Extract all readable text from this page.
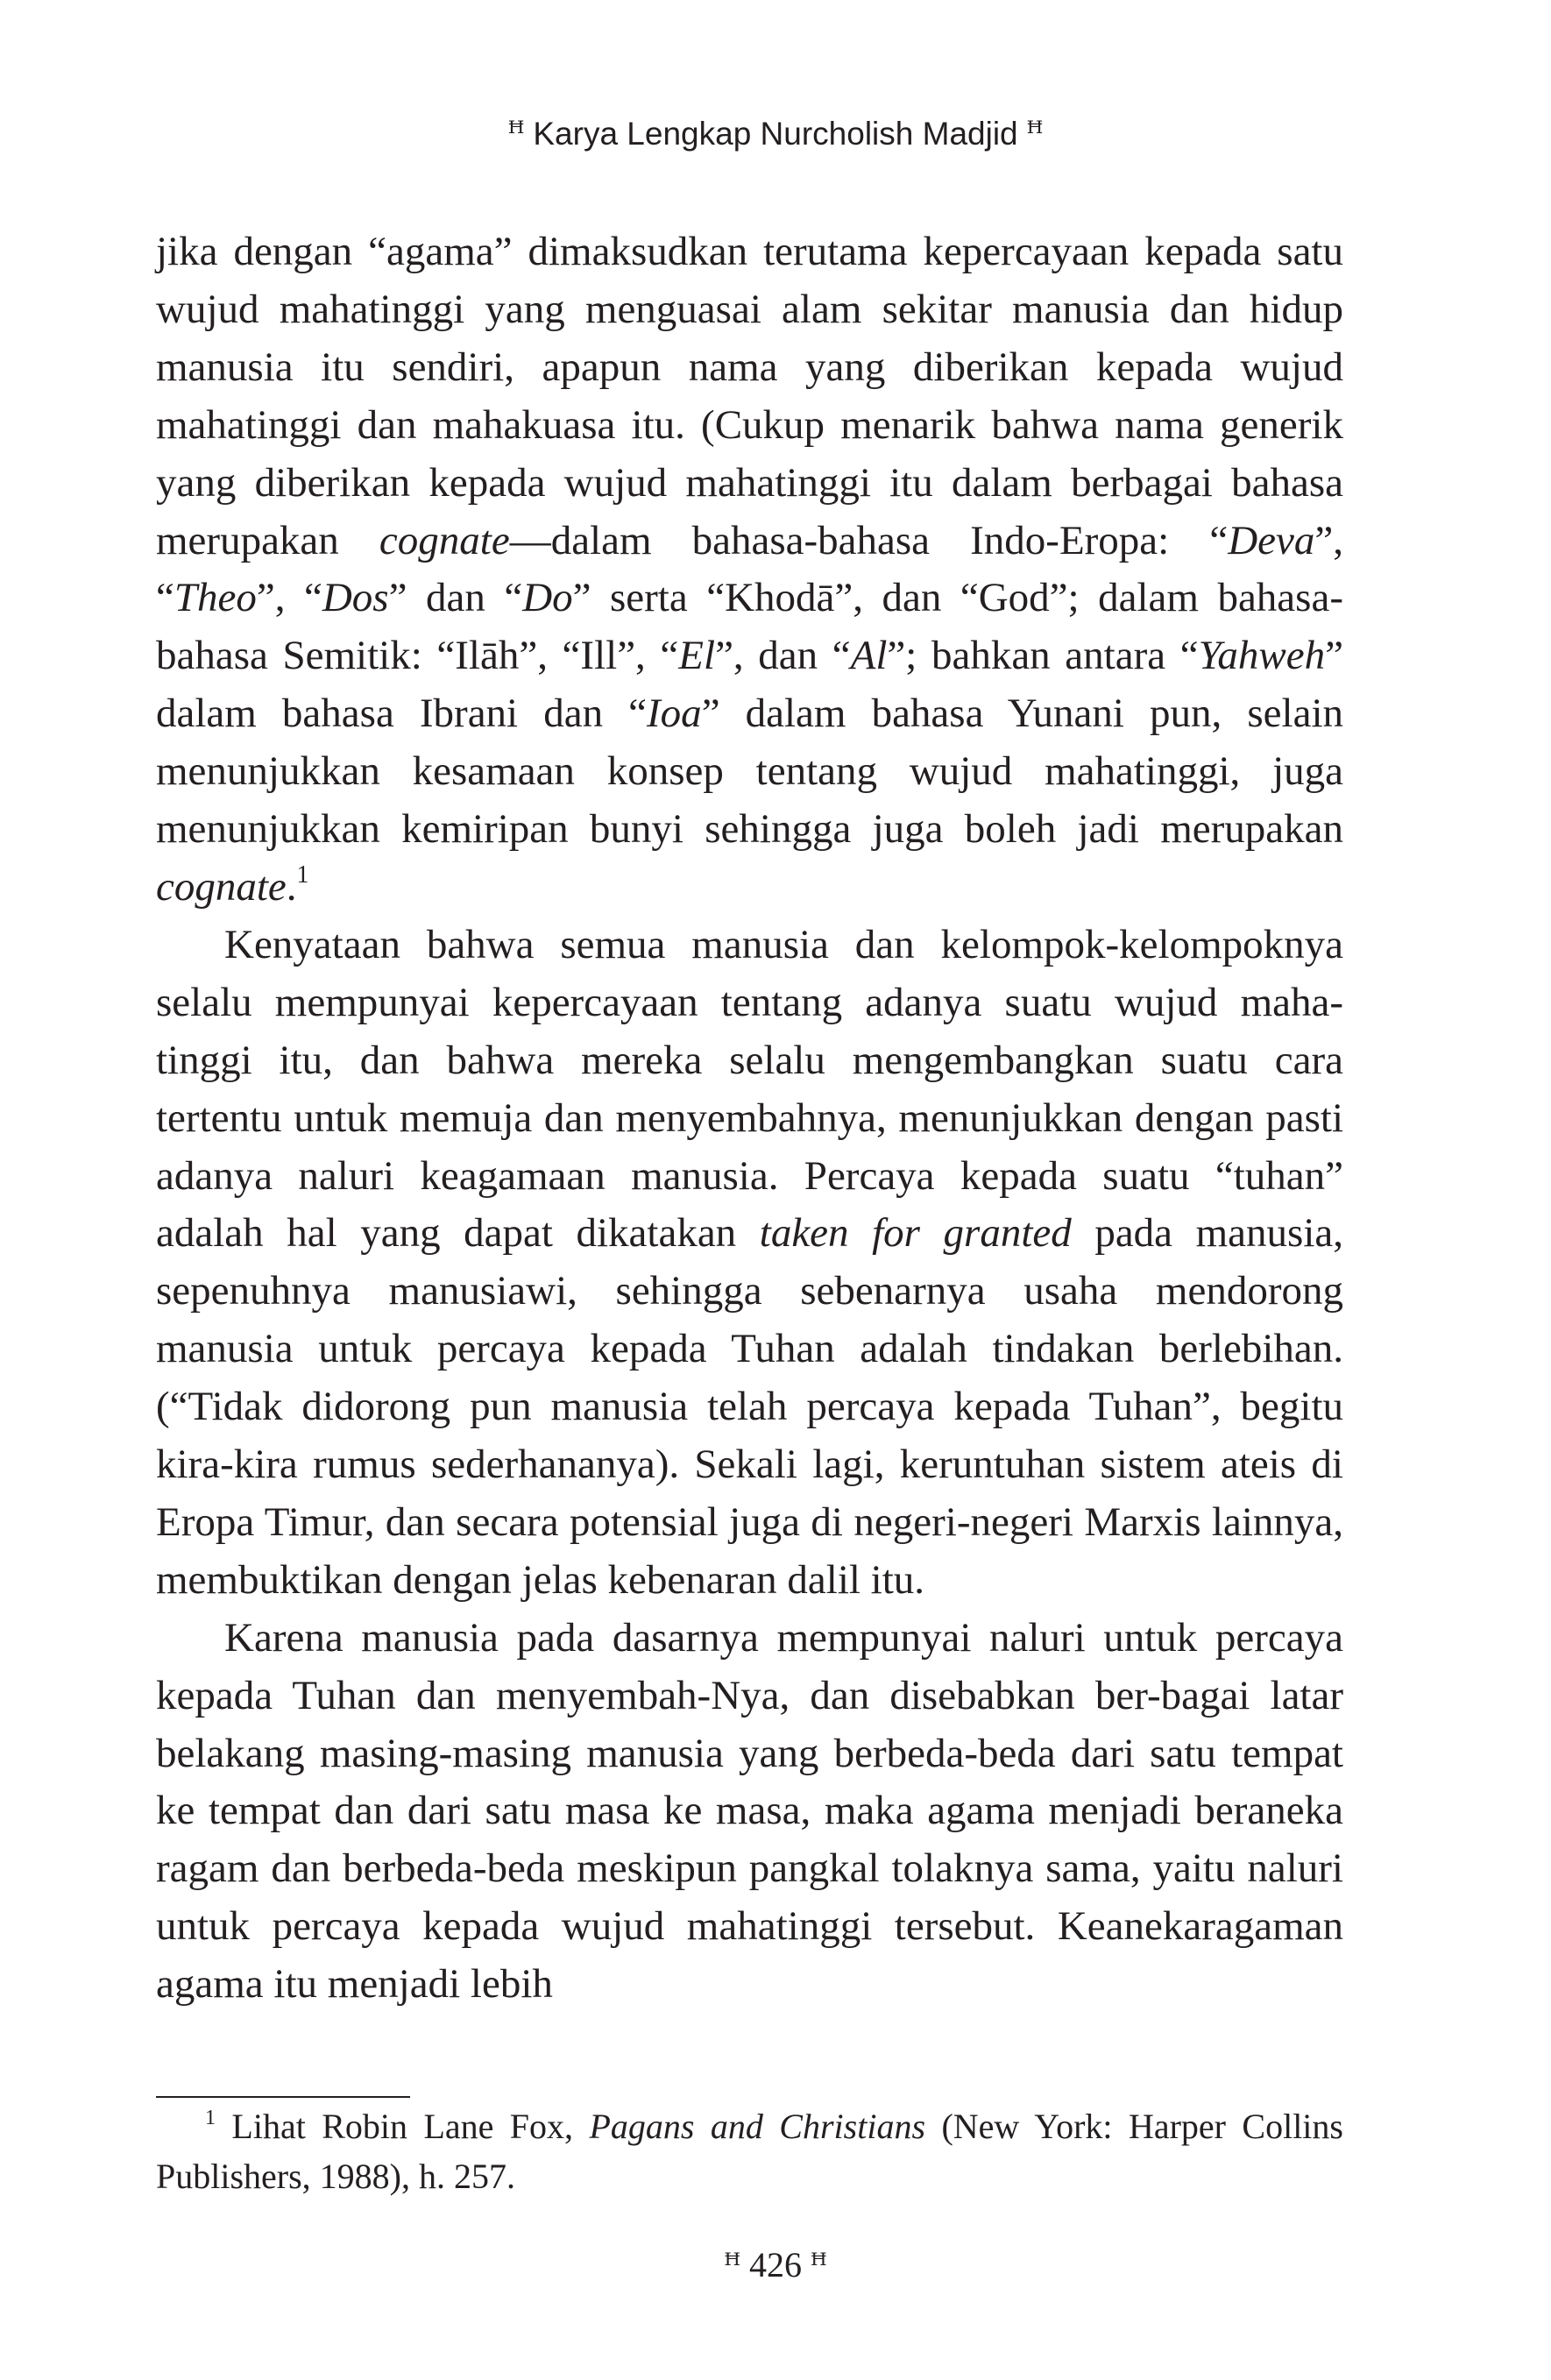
ꟸ Karya Lengkap Nurcholish Madjid ꟸ

jika dengan “agama” dimaksudkan terutama kepercayaan kepada satu wujud mahatinggi yang menguasai alam sekitar manusia dan hidup manusia itu sendiri, apapun nama yang diberikan kepada wujud mahatinggi dan mahakuasa itu. (Cukup menarik bahwa nama generik yang diberikan kepada wujud mahatinggi itu dalam berbagai bahasa merupakan cognate—dalam bahasa-bahasa Indo-Eropa: “Deva”, “Theo”, “Dos” dan “Do” serta “Khodā”, dan “God”; dalam bahasa-bahasa Semitik: “Ilāh”, “Ill”, “El”, dan “Al”; bahkan antara “Yahweh” dalam bahasa Ibrani dan “Ioa” dalam bahasa Yunani pun, selain menunjukkan kesamaan konsep tentang wujud mahatinggi, juga menunjukkan kemiripan bunyi sehingga juga boleh jadi merupakan cognate.$^1$

Kenyataan bahwa semua manusia dan kelompok-kelompoknya selalu mempunyai kepercayaan tentang adanya suatu wujud maha-tinggi itu, dan bahwa mereka selalu mengembangkan suatu cara tertentu untuk memuja dan menyembahnya, menunjukkan dengan pasti adanya naluri keagamaan manusia. Percaya kepada suatu “tuhan” adalah hal yang dapat dikatakan taken for granted pada manusia, sepenuhnya manusiawi, sehingga sebenarnya usaha mendorong manusia untuk percaya kepada Tuhan adalah tindakan berlebihan. (“Tidak didorong pun manusia telah percaya kepada Tuhan”, begitu kira-kira rumus sederhananya). Sekali lagi, keruntuhan sistem ateis di Eropa Timur, dan secara potensial juga di negeri-negeri Marxis lainnya, membuktikan dengan jelas kebenaran dalil itu.

Karena manusia pada dasarnya mempunyai naluri untuk percaya kepada Tuhan dan menyembah-Nya, dan disebabkan ber-bagai latar belakang masing-masing manusia yang berbeda-beda dari satu tempat ke tempat dan dari satu masa ke masa, maka agama menjadi beraneka ragam dan berbeda-beda meskipun pangkal tolaknya sama, yaitu naluri untuk percaya kepada wujud mahatinggi tersebut. Keanekaragaman agama itu menjadi lebih

1 Lihat Robin Lane Fox, Pagans and Christians (New York: Harper Collins Publishers, 1988), h. 257.
ꟸ 426 ꟸ
